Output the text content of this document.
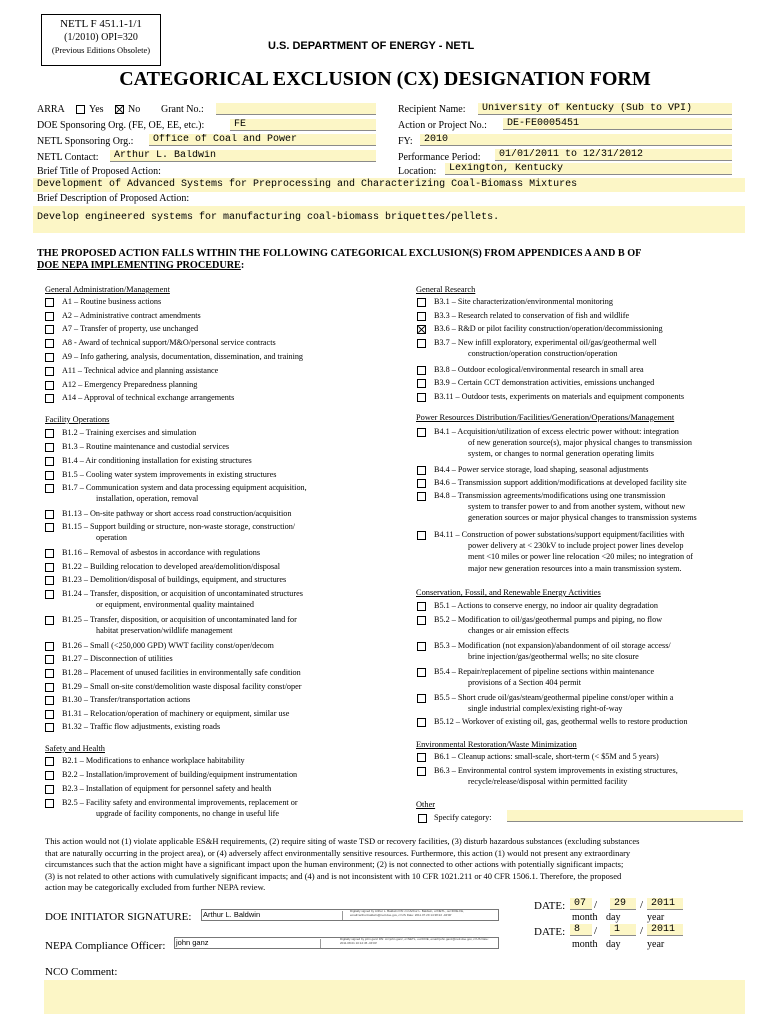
NETL F 451.1-1/1
(1/2010) OPI=320
(Previous Editions Obsolete)	U.S. DEPARTMENT OF ENERGY - NETL
CATEGORICAL EXCLUSION (CX) DESIGNATION FORM
ARRA Yes No Grant No.:
DOE Sponsoring Org. (FE, OE, EE, etc.):	FE
NETL Sponsoring Org.:	Office of Coal and Power
NETL Contact:	Arthur L. Baldwin
Brief Title of Proposed Action:
Recipient Name:	University of Kentucky (Sub to VPI)
Action or Project No.:	DE-FE0005451
FY:	2010
Performance Period:	01/01/2011 to 12/31/2012
Location:	Lexington, Kentucky
Development of Advanced Systems for Preprocessing and Characterizing Coal-Biomass Mixtures
Brief Description of Proposed Action:
Develop engineered systems for manufacturing coal-biomass briquettes/pellets.
THE PROPOSED ACTION FALLS WITHIN THE FOLLOWING CATEGORICAL EXCLUSION(S) FROM APPENDICES A AND B OF
DOE NEPA IMPLEMENTING PROCEDURE:
General Administration/Management
Facility Operations
Safety and Health
General Research
Power Resources Distribution/Facilities/Generation/Operations/Management
Conservation, Fossil, and Renewable Energy Activities
Environmental Restoration/Waste Minimization
Other
A1 – Routine business actions
A2 – Administrative contract amendments
A7 – Transfer of property, use unchanged
A8 - Award of technical support/M&O/personal service contracts
A9 – Info gathering, analysis, documentation, dissemination, and training
A11 – Technical advice and planning assistance
A12 – Emergency Preparedness planning
A14 – Approval of technical exchange arrangements
B1.2 – Training exercises and simulation
B1.3 – Routine maintenance and custodial services
B1.4 – Air conditioning installation for existing structures
B1.5 – Cooling water system improvements in existing structures
B1.7 – Communication system and data processing equipment acquisition,
installation, operation, removal
B1.13 – On-site pathway or short access road construction/acquisition
B1.15 – Support building or structure, non-waste storage, construction/
operation
B1.16 – Removal of asbestos in accordance with regulations
B1.22 – Building relocation to developed area/demolition/disposal
B1.23 – Demolition/disposal of buildings, equipment, and structures
B1.24 – Transfer, disposition, or acquisition of uncontaminated structures
or equipment, environmental quality maintained
B1.25 – Transfer, disposition, or acquisition of uncontaminated land for
habitat preservation/wildlife management
B1.26 – Small (<250,000 GPD) WWT facility const/oper/decom
B1.27 – Disconnection of utilities
B1.28 – Placement of unused facilities in environmentally safe condition
B1.29 – Small on-site const/demolition waste disposal facility const/oper
B1.30 – Transfer/transportation actions
B1.31 – Relocation/operation of machinery or equipment, similar use
B1.32 – Traffic flow adjustments, existing roads
B2.1 – Modifications to enhance workplace habitability
B2.2 – Installation/improvement of building/equipment instrumentation
B2.3 – Installation of equipment for personnel safety and health
B2.5 – Facility safety and environmental improvements, replacement or
upgrade of facility components, no change in useful life
B3.1 – Site characterization/environmental monitoring
B3.3 – Research related to conservation of fish and wildlife
B3.6 – R&D or pilot facility construction/operation/decommissioning
B3.7 – New infill exploratory, experimental oil/gas/geothermal well
construction/operation construction/operation
B3.8 – Outdoor ecological/environmental research in small area
B3.9 – Certain CCT demonstration activities, emissions unchanged
B3.11 – Outdoor tests, experiments on materials and equipment components
B4.1 – Acquisition/utilization of excess electric power without: integration
of new generation source(s), major physical changes to transmission
system, or changes to normal generation operating limits
B4.4 – Power service storage, load shaping, seasonal adjustments
B4.6 – Transmission support addition/modifications at developed facility site
B4.8 – Transmission agreements/modifications using one transmission
system to transfer power to and from another system, without new
generation sources or major physical changes to transmission systems
B4.11 – Construction of power substations/support equipment/facilities with
power delivery at < 230kV to include project power lines develop
ment <10 miles or power line relocation <20 miles; no integration of
major new generation resources into a main transmission system.
B5.1 – Actions to conserve energy, no indoor air quality degradation
B5.2 – Modification to oil/gas/geothermal pumps and piping, no flow
changes or air emission effects
B5.3 – Modification (not expansion)/abandonment of oil storage access/
brine injection/gas/geothermal wells; no site closure
B5.4 – Repair/replacement of pipeline sections within maintenance
provisions of a Section 404 permit
B5.5 – Short crude oil/gas/steam/geothermal pipeline const/oper within a
single industrial complex/existing right-of-way
B5.12 – Workover of existing oil, gas, geothermal wells to restore production
B6.1 – Cleanup actions: small-scale, short-term (< $5M and 5 years)
B6.3 – Environmental control system improvements in existing structures,
recycle/release/disposal within permitted facility
Specify category:
This action would not (1) violate applicable ES&H requirements, (2) require siting of waste TSD or recovery facilities, (3) disturb hazardous substances (excluding substances
that are naturally occurring in the project area), or (4) adversely affect environmentally sensitive resources. Furthermore, this action (1) would not present any extraordinary
circumstances such that the action might have a significant impact upon the human environment; (2) is not connected to other actions with potentially significant impacts;
(3) is not related to other actions with cumulatively significant impacts; and (4) and is not inconsistent with 10 CFR 1021.211 or 40 CFR 1506.1. Therefore, the proposed
action may be categorically excluded from further NEPA review.
DOE INITIATOR SIGNATURE: Arthur L. Baldwin	Digitally signed by Arthur L. Baldwin DN: cn=Arthur L. Baldwin, o=NETL, ou=DOE-FE, email=arthur.baldwin@netl.doe.gov, c=US Date: 2011.07.29 14:38:22 -04'00'
NEPA Compliance Officer: john ganz	Digitally signed by john ganz DN: cn=john ganz, o=NETL, ou=DOE, email=john.ganz@netl.doe.gov, c=US Date: 2011.08.01 10:12:45 -04'00'
DATE: 07 /	29	/ 2011
month day	year
DATE: 8	/	1	/ 2011
month day	year
NCO Comment:
